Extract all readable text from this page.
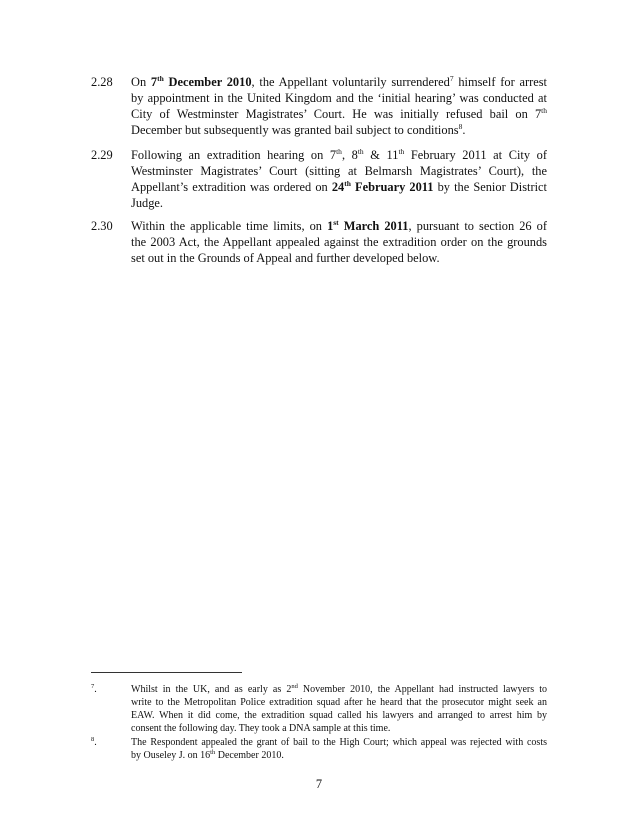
2.28	On 7th December 2010, the Appellant voluntarily surrendered$^7$ himself for arrest
by appointment in the United Kingdom and the ‘initial hearing’ was conducted at
City of Westminster Magistrates’ Court. He was initially refused bail on 7th
December but subsequently was granted bail subject to conditions$^8$.
2.29	Following an extradition hearing on 7th, 8th & 11th February 2011 at City of
Westminster Magistrates’ Court (sitting at Belmarsh Magistrates’ Court), the
Appellant’s extradition was ordered on 24th February 2011 by the Senior District
Judge.
2.30	Within the applicable time limits, on 1st March 2011, pursuant to section 26 of
the 2003 Act, the Appellant appealed against the extradition order on the grounds
set out in the Grounds of Appeal and further developed below.
$^7$.	Whilst in the UK, and as early as 2nd November 2010, the Appellant had instructed lawyers to
write to the Metropolitan Police extradition squad after he heard that the prosecutor might seek an
EAW. When it did come, the extradition squad called his lawyers and arranged to arrest him by
consent the following day. They took a DNA sample at this time.
$^8$.	The Respondent appealed the grant of bail to the High Court; which appeal was rejected with costs
by Ouseley J. on 16th December 2010.
7
